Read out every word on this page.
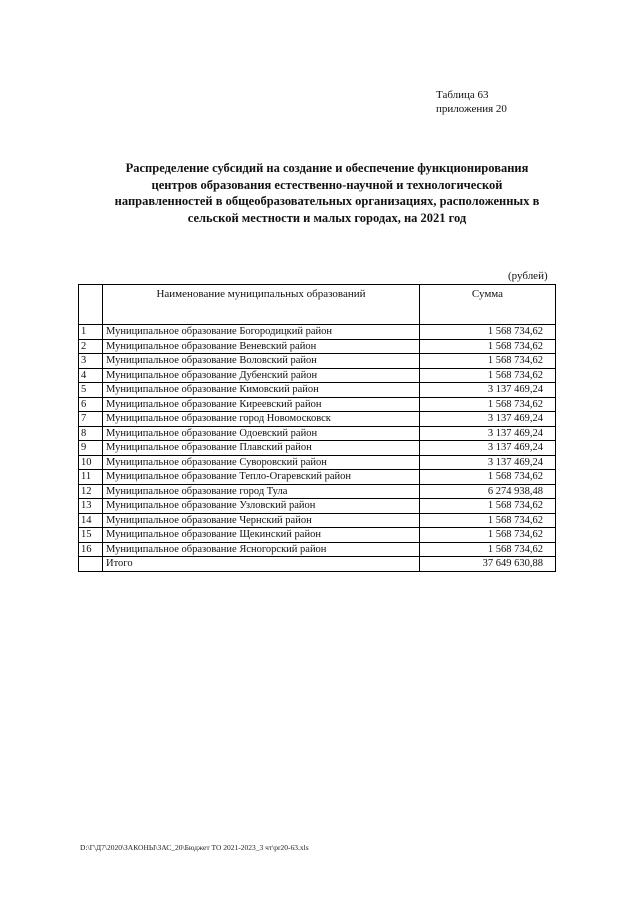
Таблица 63
приложения 20
Распределение субсидий на создание и обеспечение функционирования
центров образования естественно-научной и технологической
направленностей в общеобразовательных организациях, расположенных в
сельской местности и малых городах, на 2021 год
(рублей)
	Наименование муниципальных образований	Сумма
1	Муниципальное образование Богородицкий район	1 568 734,62
2	Муниципальное образование Веневский район	1 568 734,62
3	Муниципальное образование Воловский район	1 568 734,62
4	Муниципальное образование Дубенский район	1 568 734,62
5	Муниципальное образование Кимовский район	3 137 469,24
6	Муниципальное образование Киреевский район	1 568 734,62
7	Муниципальное образование город Новомосковск	3 137 469,24
8	Муниципальное образование Одоевский район	3 137 469,24
9	Муниципальное образование Плавский район	3 137 469,24
10	Муниципальное образование Суворовский район	3 137 469,24
11	Муниципальное образование Тепло-Огаревский район	1 568 734,62
12	Муниципальное образование город Тула	6 274 938,48
13	Муниципальное образование Узловский район	1 568 734,62
14	Муниципальное образование Чернский район	1 568 734,62
15	Муниципальное образование Щекинский район	1 568 734,62
16	Муниципальное образование Ясногорский район	1 568 734,62
	Итого	37 649 630,88
D:\Г\Д7\2020\ЗАКОНЫ\ЗАС_20\Бюджет ТО 2021-2023_3 чт\pr20-63.xls
